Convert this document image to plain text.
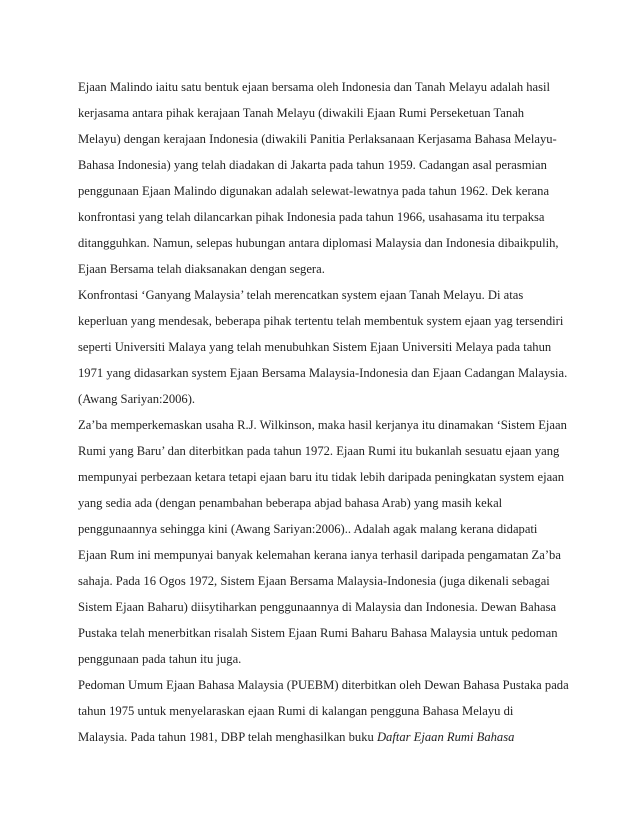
Ejaan Malindo iaitu satu bentuk ejaan bersama oleh Indonesia dan Tanah Melayu adalah hasil
kerjasama antara pihak kerajaan Tanah Melayu (diwakili Ejaan Rumi Perseketuan Tanah
Melayu) dengan kerajaan Indonesia (diwakili Panitia Perlaksanaan Kerjasama Bahasa Melayu-
Bahasa Indonesia) yang telah diadakan di Jakarta pada tahun 1959. Cadangan asal perasmian
penggunaan Ejaan Malindo digunakan adalah selewat-lewatnya pada tahun 1962. Dek kerana
konfrontasi yang telah dilancarkan pihak Indonesia pada tahun 1966, usahasama itu terpaksa
ditangguhkan. Namun, selepas hubungan antara diplomasi Malaysia dan Indonesia dibaikpulih,
Ejaan Bersama telah diaksanakan dengan segera.
Konfrontasi ‘Ganyang Malaysia’ telah merencatkan system ejaan Tanah Melayu. Di atas
keperluan yang mendesak, beberapa pihak tertentu telah membentuk system ejaan yag tersendiri
seperti Universiti Malaya yang telah menubuhkan Sistem Ejaan Universiti Melaya pada tahun
1971 yang didasarkan system Ejaan Bersama Malaysia-Indonesia dan Ejaan Cadangan Malaysia.
(Awang Sariyan:2006).
Za’ba memperkemaskan usaha R.J. Wilkinson, maka hasil kerjanya itu dinamakan ‘Sistem Ejaan
Rumi yang Baru’ dan diterbitkan pada tahun 1972. Ejaan Rumi itu bukanlah sesuatu ejaan yang
mempunyai perbezaan ketara tetapi ejaan baru itu tidak lebih daripada peningkatan system ejaan
yang sedia ada (dengan penambahan beberapa abjad bahasa Arab) yang masih kekal
penggunaannya sehingga kini (Awang Sariyan:2006).. Adalah agak malang kerana didapati
Ejaan Rum ini mempunyai banyak kelemahan kerana ianya terhasil daripada pengamatan Za’ba
sahaja. Pada 16 Ogos 1972, Sistem Ejaan Bersama Malaysia-Indonesia (juga dikenali sebagai
Sistem Ejaan Baharu) diisytiharkan penggunaannya di Malaysia dan Indonesia. Dewan Bahasa
Pustaka telah menerbitkan risalah Sistem Ejaan Rumi Baharu Bahasa Malaysia untuk pedoman
penggunaan pada tahun itu juga.
Pedoman Umum Ejaan Bahasa Malaysia (PUEBM) diterbitkan oleh Dewan Bahasa Pustaka pada
tahun 1975 untuk menyelaraskan ejaan Rumi di kalangan pengguna Bahasa Melayu di
Malaysia. Pada tahun 1981, DBP telah menghasilkan buku Daftar Ejaan Rumi Bahasa
